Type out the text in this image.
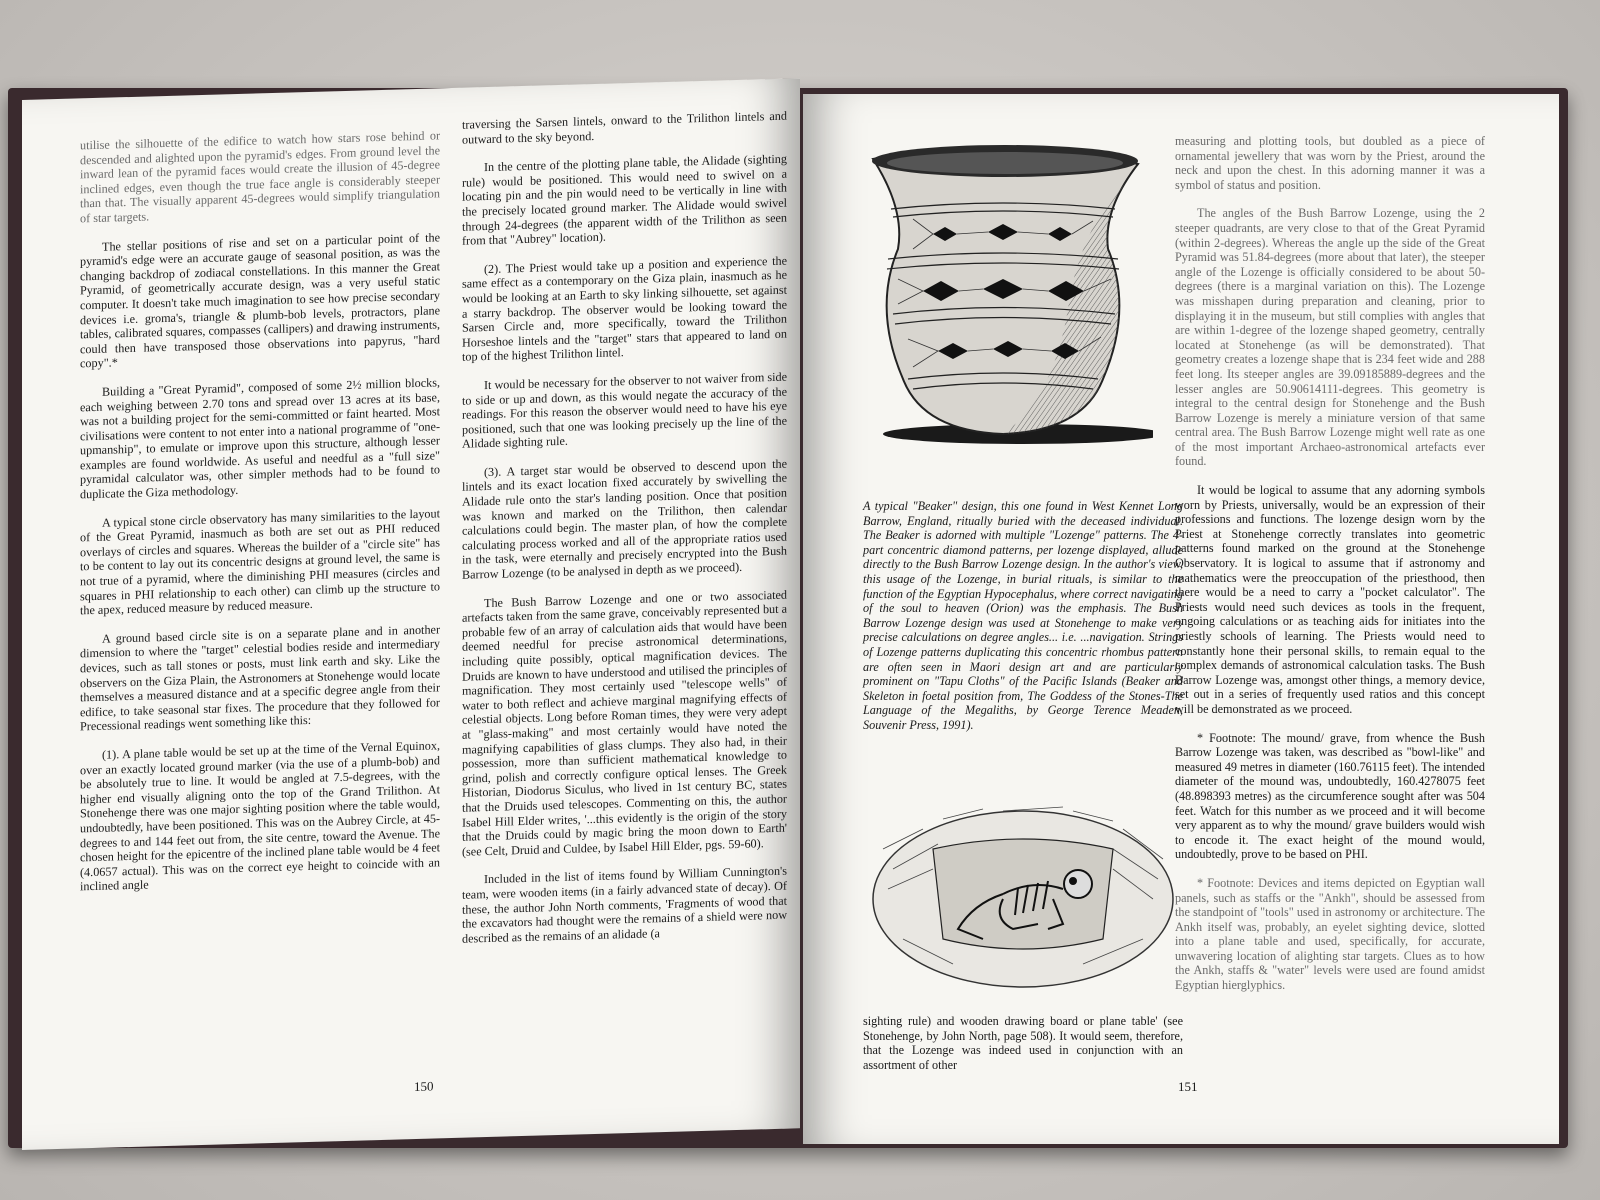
utilise the silhouette of the edifice to watch how stars rose behind or descended and alighted upon the pyramid's edges. From ground level the inward lean of the pyramid faces would create the illusion of 45-degree inclined edges, even though the true face angle is considerably steeper than that. The visually apparent 45-degrees would simplify triangulation of star targets.

The stellar positions of rise and set on a particular point of the pyramid's edge were an accurate gauge of seasonal position, as was the changing backdrop of zodiacal constellations. In this manner the Great Pyramid, of geometrically accurate design, was a very useful static computer. It doesn't take much imagination to see how precise secondary devices i.e. groma's, triangle & plumb-bob levels, protractors, plane tables, calibrated squares, compasses (callipers) and drawing instruments, could then have transposed those observations into papyrus, "hard copy".*

Building a "Great Pyramid", composed of some 2½ million blocks, each weighing between 2.70 tons and spread over 13 acres at its base, was not a building project for the semi-committed or faint hearted. Most civilisations were content to not enter into a national programme of "one-upmanship", to emulate or improve upon this structure, although lesser examples are found worldwide. As useful and needful as a "full size" pyramidal calculator was, other simpler methods had to be found to duplicate the Giza methodology.

A typical stone circle observatory has many similarities to the layout of the Great Pyramid, inasmuch as both are set out as PHI reduced overlays of circles and squares. Whereas the builder of a "circle site" has to be content to lay out its concentric designs at ground level, the same is not true of a pyramid, where the diminishing PHI measures (circles and squares in PHI relationship to each other) can climb up the structure to the apex, reduced measure by reduced measure.

A ground based circle site is on a separate plane and in another dimension to where the "target" celestial bodies reside and intermediary devices, such as tall stones or posts, must link earth and sky. Like the observers on the Giza Plain, the Astronomers at Stonehenge would locate themselves a measured distance and at a specific degree angle from their edifice, to take seasonal star fixes. The procedure that they followed for Precessional readings went something like this:

(1). A plane table would be set up at the time of the Vernal Equinox, over an exactly located ground marker (via the use of a plumb-bob) and be absolutely true to line. It would be angled at 7.5-degrees, with the higher end visually aligning onto the top of the Grand Trilithon. At Stonehenge there was one major sighting position where the table would, undoubtedly, have been positioned. This was on the Aubrey Circle, at 45-degrees to and 144 feet out from, the site centre, toward the Avenue. The chosen height for the epicentre of the inclined plane table would be 4 feet (4.0657 actual). This was on the correct eye height to coincide with an inclined angle

traversing the Sarsen lintels, onward to the Trilithon lintels and outward to the sky beyond.

In the centre of the plotting plane table, the Alidade (sighting rule) would be positioned. This would need to swivel on a locating pin and the pin would need to be vertically in line with the precisely located ground marker. The Alidade would swivel through 24-degrees (the apparent width of the Trilithon as seen from that "Aubrey" location).

(2). The Priest would take up a position and experience the same effect as a contemporary on the Giza plain, inasmuch as he would be looking at an Earth to sky linking silhouette, set against a starry backdrop. The observer would be looking toward the Sarsen Circle and, more specifically, toward the Trilithon Horseshoe lintels and the "target" stars that appeared to land on top of the highest Trilithon lintel.

It would be necessary for the observer to not waiver from side to side or up and down, as this would negate the accuracy of the readings. For this reason the observer would need to have his eye positioned, such that one was looking precisely up the line of the Alidade sighting rule.

(3). A target star would be observed to descend upon the lintels and its exact location fixed accurately by swivelling the Alidade rule onto the star's landing position. Once that position was known and marked on the Trilithon, then calendar calculations could begin. The master plan, of how the complete calculating process worked and all of the appropriate ratios used in the task, were eternally and precisely encrypted into the Bush Barrow Lozenge (to be analysed in depth as we proceed).

The Bush Barrow Lozenge and one or two associated artefacts taken from the same grave, conceivably represented but a probable few of an array of calculation aids that would have been deemed needful for precise astronomical determinations, including quite possibly, optical magnification devices. The Druids are known to have understood and utilised the principles of magnification. They most certainly used "telescope wells" of water to both reflect and achieve marginal magnifying effects of celestial objects. Long before Roman times, they were very adept at "glass-making" and most certainly would have noted the magnifying capabilities of glass clumps. They also had, in their possession, more than sufficient mathematical knowledge to grind, polish and correctly configure optical lenses. The Greek Historian, Diodorus Siculus, who lived in 1st century BC, states that the Druids used telescopes. Commenting on this, the author Isabel Hill Elder writes, '...this evidently is the origin of the story that the Druids could by magic bring the moon down to Earth' (see Celt, Druid and Culdee, by Isabel Hill Elder, pgs. 59-60).

Included in the list of items found by William Cunnington's team, were wooden items (in a fairly advanced state of decay). Of these, the author John North comments, 'Fragments of wood that the excavators had thought were the remains of a shield were now described as the remains of an alidade (a

150
A typical "Beaker" design, this one found in West Kennet Long Barrow, England, ritually buried with the deceased individual. The Beaker is adorned with multiple "Lozenge" patterns. The 4-part concentric diamond patterns, per lozenge displayed, allude directly to the Bush Barrow Lozenge design. In the author's view, this usage of the Lozenge, in burial rituals, is similar to the function of the Egyptian Hypocephalus, where correct navigating of the soul to heaven (Orion) was the emphasis. The Bush Barrow Lozenge design was used at Stonehenge to make very precise calculations on degree angles... i.e. ...navigation. Strings of Lozenge patterns duplicating this concentric rhombus pattern are often seen in Maori design art and are particularly prominent on "Tapu Cloths" of the Pacific Islands (Beaker and Skeleton in foetal position from, The Goddess of the Stones-The Language of the Megaliths, by George Terence Meaden, Souvenir Press, 1991).

sighting rule) and wooden drawing board or plane table' (see Stonehenge, by John North, page 508). It would seem, therefore, that the Lozenge was indeed used in conjunction with an assortment of other

measuring and plotting tools, but doubled as a piece of ornamental jewellery that was worn by the Priest, around the neck and upon the chest. In this adorning manner it was a symbol of status and position.

The angles of the Bush Barrow Lozenge, using the 2 steeper quadrants, are very close to that of the Great Pyramid (within 2-degrees). Whereas the angle up the side of the Great Pyramid was 51.84-degrees (more about that later), the steeper angle of the Lozenge is officially considered to be about 50-degrees (there is a marginal variation on this). The Lozenge was misshapen during preparation and cleaning, prior to displaying it in the museum, but still complies with angles that are within 1-degree of the lozenge shaped geometry, centrally located at Stonehenge (as will be demonstrated). That geometry creates a lozenge shape that is 234 feet wide and 288 feet long. Its steeper angles are 39.09185889-degrees and the lesser angles are 50.90614111-degrees. This geometry is integral to the central design for Stonehenge and the Bush Barrow Lozenge is merely a miniature version of that same central area. The Bush Barrow Lozenge might well rate as one of the most important Archaeo-astronomical artefacts ever found.

It would be logical to assume that any adorning symbols worn by Priests, universally, would be an expression of their professions and functions. The lozenge design worn by the Priest at Stonehenge correctly translates into geometric patterns found marked on the ground at the Stonehenge Observatory. It is logical to assume that if astronomy and mathematics were the preoccupation of the priesthood, then there would be a need to carry a "pocket calculator". The Priests would need such devices as tools in the frequent, ongoing calculations or as teaching aids for initiates into the priestly schools of learning. The Priests would need to constantly hone their personal skills, to remain equal to the complex demands of astronomical calculation tasks. The Bush Barrow Lozenge was, amongst other things, a memory device, set out in a series of frequently used ratios and this concept will be demonstrated as we proceed.

* Footnote: The mound/ grave, from whence the Bush Barrow Lozenge was taken, was described as "bowl-like" and measured 49 metres in diameter (160.76115 feet). The intended diameter of the mound was, undoubtedly, 160.4278075 feet (48.898393 metres) as the circumference sought after was 504 feet. Watch for this number as we proceed and it will become very apparent as to why the mound/ grave builders would wish to encode it. The exact height of the mound would, undoubtedly, prove to be based on PHI.

* Footnote: Devices and items depicted on Egyptian wall panels, such as staffs or the "Ankh", should be assessed from the standpoint of "tools" used in astronomy or architecture. The Ankh itself was, probably, an eyelet sighting device, slotted into a plane table and used, specifically, for accurate, unwavering location of alighting star targets. Clues as to how the Ankh, staffs & "water" levels were used are found amidst Egyptian hierglyphics.

151
